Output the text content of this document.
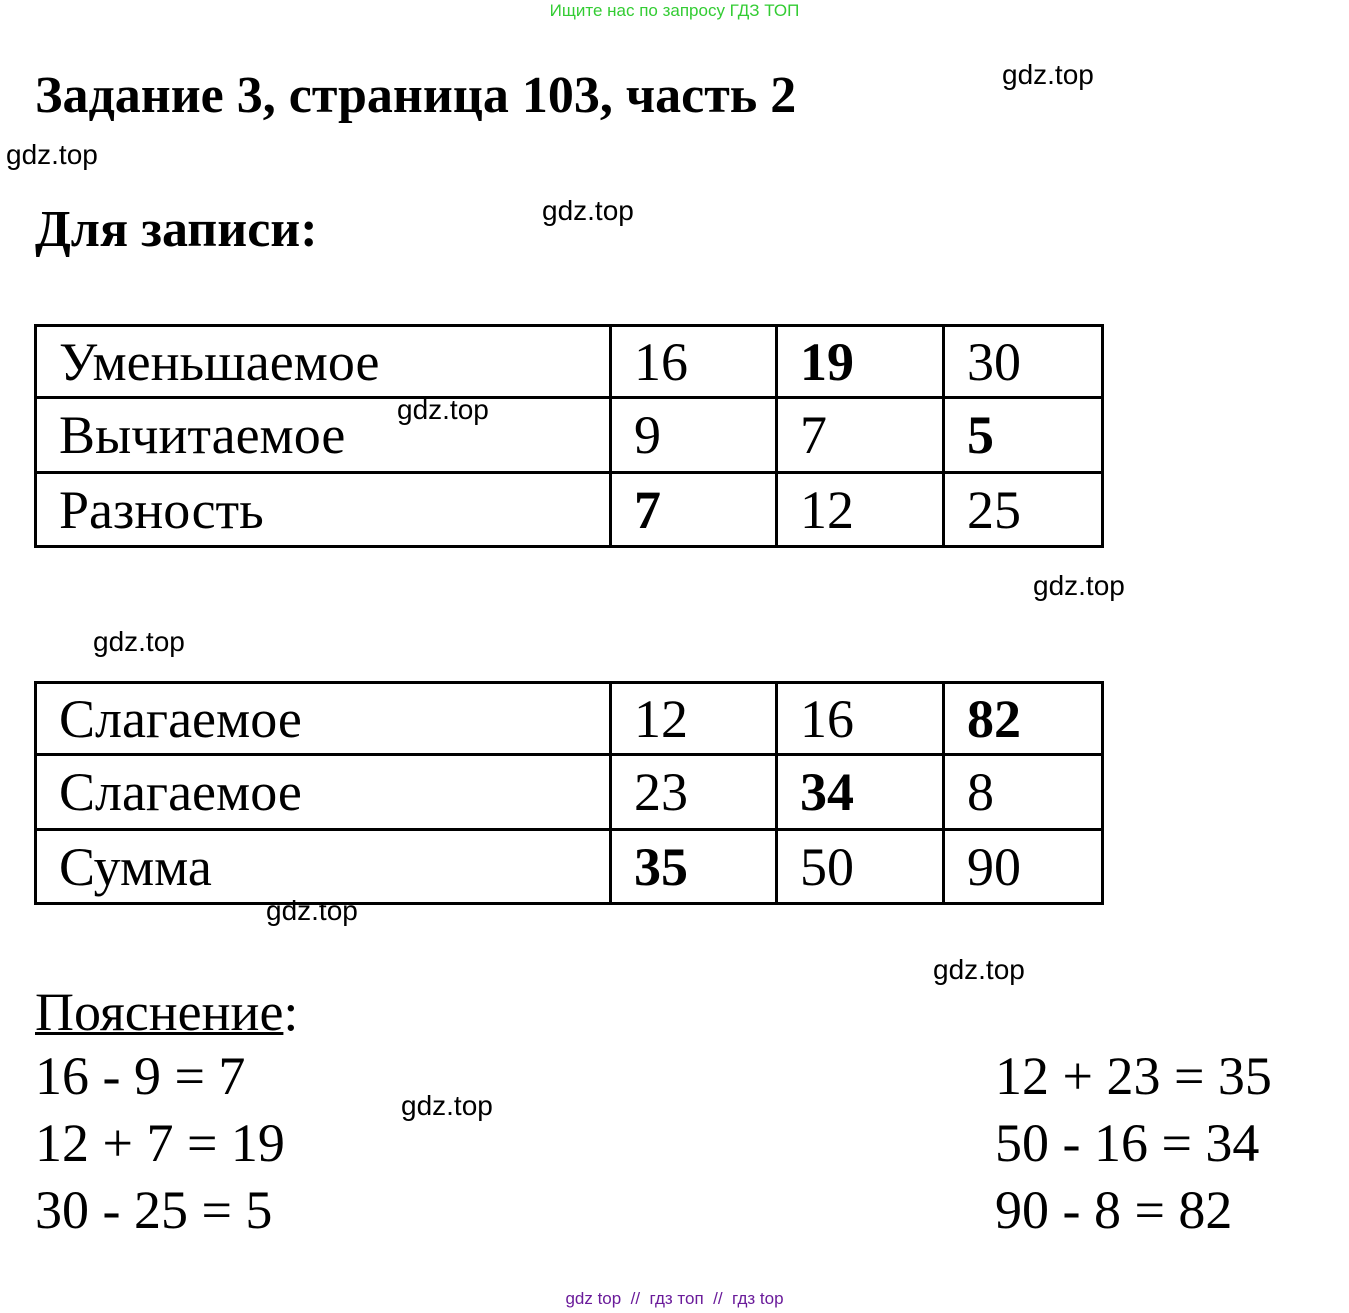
Ищите нас по запросу ГДЗ ТОП
Задание 3, страница 103, часть 2
Для записи:
gdz.top
gdz.top
gdz.top
gdz.top
gdz.top
gdz.top
gdz.top
Уменьшаемое	16	19	30
Вычитаемое	9	7	5
Разность	7	12	25
gdz.top
Слагаемое	12	16	82
Слагаемое	23	34	8
Сумма	35	50	90
gdz.top
Пояснение:
16 - 9 = 7
12 + 7 = 19
30 - 25 = 5
12 + 23 = 35
50 - 16 = 34
90 - 8 = 82
gdz top  //  гдз топ  //  гдз top
